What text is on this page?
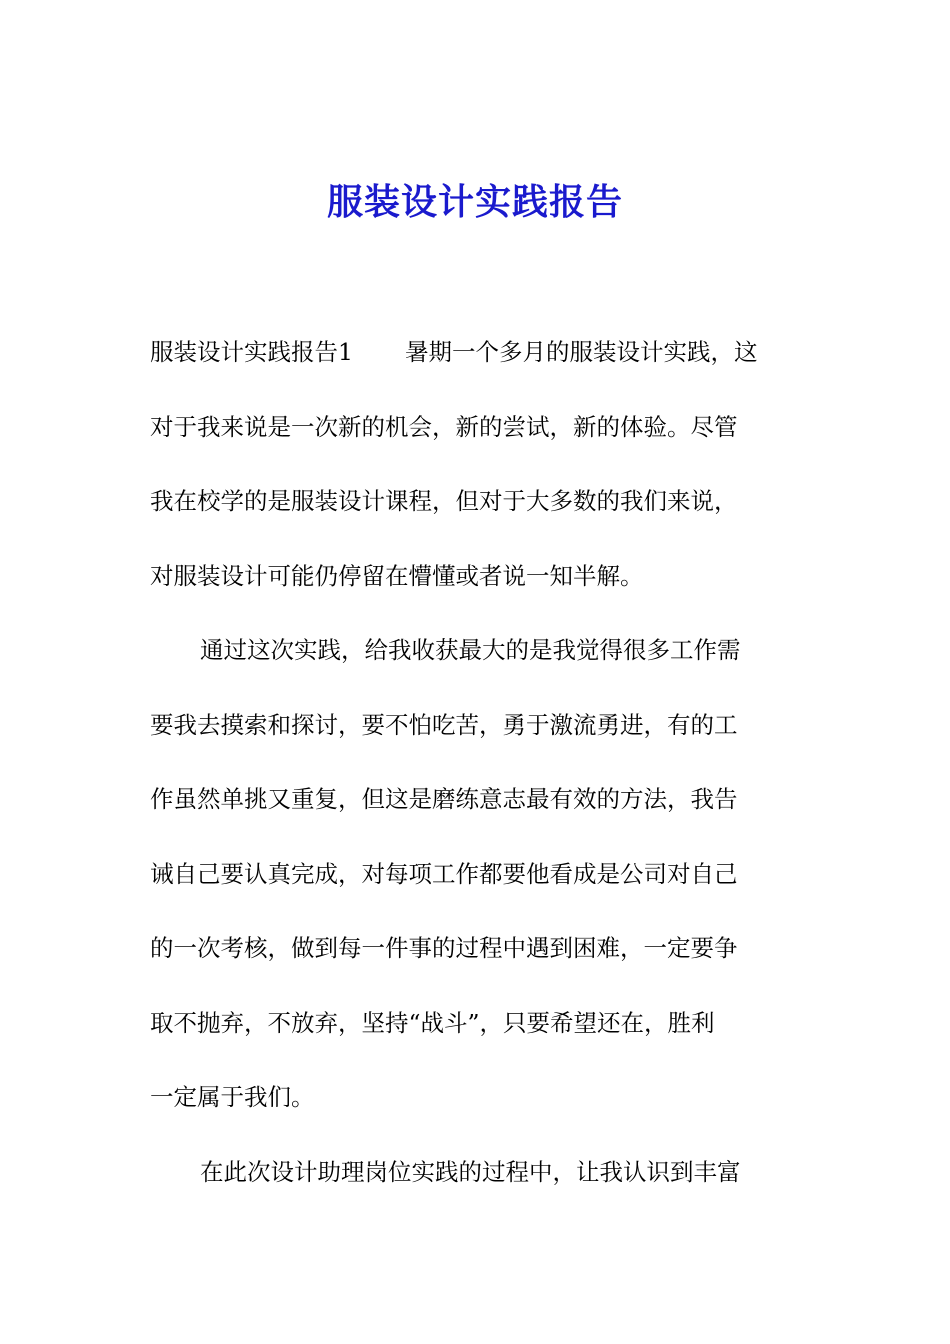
服装设计实践报告
服装设计实践报告1 暑期一个多月的服装设计实践，这
对于我来说是一次新的机会，新的尝试，新的体验。尽管
我在校学的是服装设计课程，但对于大多数的我们来说，
对服装设计可能仍停留在懵懂或者说一知半解。
通过这次实践，给我收获最大的是我觉得很多工作需
要我去摸索和探讨，要不怕吃苦，勇于激流勇进，有的工
作虽然单挑又重复，但这是磨练意志最有效的方法，我告
诫自己要认真完成，对每项工作都要他看成是公司对自己
的一次考核，做到每一件事的过程中遇到困难，一定要争
取不抛弃，不放弃，坚持“战斗”，只要希望还在，胜利
一定属于我们。
在此次设计助理岗位实践的过程中，让我认识到丰富
